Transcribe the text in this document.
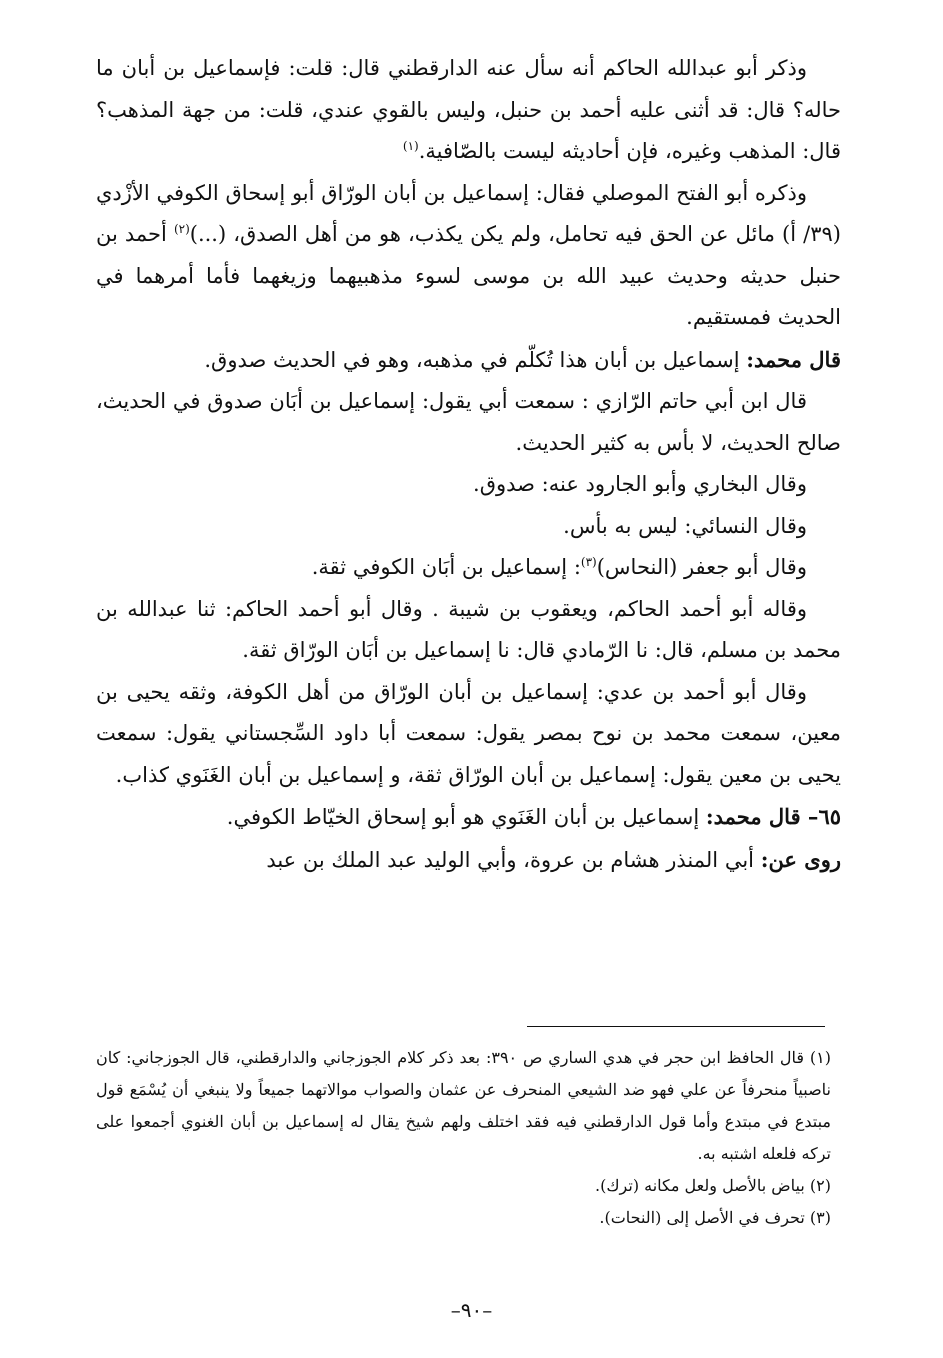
وذكر أبو عبدالله الحاكم أنه سأل عنه الدارقطني قال: قلت: فإسماعيل بن أبان ما حاله؟ قال: قد أثنى عليه أحمد بن حنبل، وليس بالقوي عندي، قلت: من جهة المذهب؟ قال: المذهب وغيره، فإن أحاديثه ليست بالصّافية.$^{(١)}$

وذكره أبو الفتح الموصلي فقال: إسماعيل بن أبان الورّاق أبو إسحاق الكوفي الأزْدي (٣٩/ أ) مائل عن الحق فيه تحامل، ولم يكن يكذب، هو من أهل الصدق، (...)$^{(٢)}$ أحمد بن حنبل حديثه وحديث عبيد الله بن موسى لسوء مذهبيهما وزيغهما فأما أمرهما في الحديث فمستقيم.

قال محمد: إسماعيل بن أبان هذا تُكلّم في مذهبه، وهو في الحديث صدوق.

قال ابن أبي حاتم الرّازي : سمعت أبي يقول: إسماعيل بن أبَان صدوق في الحديث، صالح الحديث، لا بأس به كثير الحديث.

وقال البخاري وأبو الجارود عنه: صدوق.

وقال النسائي: ليس به بأس.

وقال أبو جعفر (النحاس)$^{(٣)}$: إسماعيل بن أبَان الكوفي ثقة.

وقاله أبو أحمد الحاكم، ويعقوب بن شيبة . وقال أبو أحمد الحاكم: ثنا عبدالله بن محمد بن مسلم، قال: نا الرّمادي قال: نا إسماعيل بن أبَان الورّاق ثقة.

وقال أبو أحمد بن عدي: إسماعيل بن أبان الورّاق من أهل الكوفة، وثقه يحيى بن معين، سمعت محمد بن نوح بمصر يقول: سمعت أبا داود السِّجستاني يقول: سمعت يحيى بن معين يقول: إسماعيل بن أبان الورّاق ثقة، و إسماعيل بن أبان الغَنَوي كذاب.

٦٥– قال محمد: إسماعيل بن أبان الغَنَوي هو أبو إسحاق الخيّاط الكوفي.

روى عن: أبي المنذر هشام بن عروة، وأبي الوليد عبد الملك بن عبد

(١) قال الحافظ ابن حجر في هدي الساري ص ٣٩٠: بعد ذكر كلام الجوزجاني والدارقطني، قال الجوزجاني: كان ناصبياً منحرفاً عن علي فهو ضد الشيعي المنحرف عن عثمان والصواب موالاتهما جميعاً ولا ينبغي أن يُسْمَع قول مبتدع في مبتدع وأما قول الدارقطني فيه فقد اختلف ولهم شيخ يقال له إسماعيل بن أبان الغنوي أجمعوا على تركه فلعله اشتبه به.

(٢) بياض بالأصل ولعل مكانه (ترك).

(٣) تحرف في الأصل إلى (النحات).

–٩٠–
